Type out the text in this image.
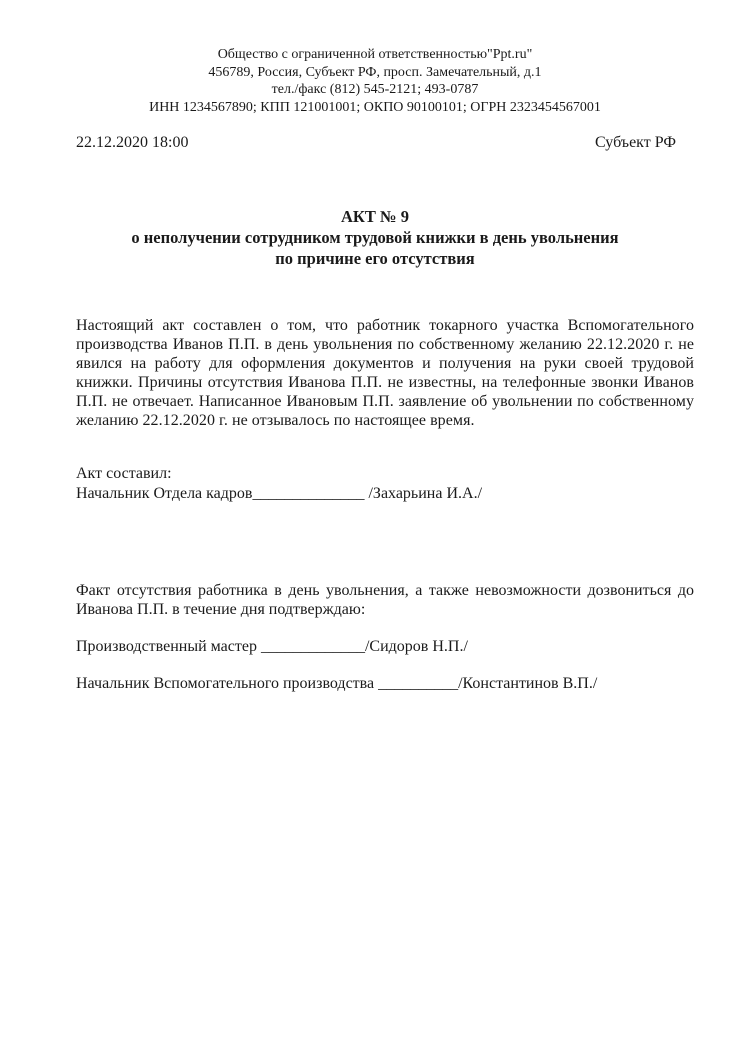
Общество с ограниченной ответственностью"Ppt.ru"
456789, Россия, Субъект РФ, просп. Замечательный, д.1
тел./факс (812) 545-2121; 493-0787
ИНН 1234567890; КПП 121001001; ОКПО 90100101; ОГРН 2323454567001
22.12.2020 18:00	Субъект РФ
АКТ № 9
о неполучении сотрудником трудовой книжки в день увольнения
по причине его отсутствия
Настоящий акт составлен о том, что работник токарного участка Вспомогательного производства Иванов П.П. в день увольнения по собственному желанию 22.12.2020 г. не явился на работу для оформления документов и получения на руки своей трудовой книжки. Причины отсутствия Иванова П.П. не известны, на телефонные звонки Иванов П.П. не отвечает. Написанное Ивановым П.П. заявление об увольнении по собственному желанию 22.12.2020 г. не отзывалось по настоящее время.
Акт составил:
Начальник Отдела кадров______________ /Захарьина И.А./
Факт отсутствия работника в день увольнения, а также невозможности дозвониться до Иванова П.П. в течение дня подтверждаю:
Производственный мастер _____________/Сидоров Н.П./
Начальник Вспомогательного производства __________/Константинов В.П./
